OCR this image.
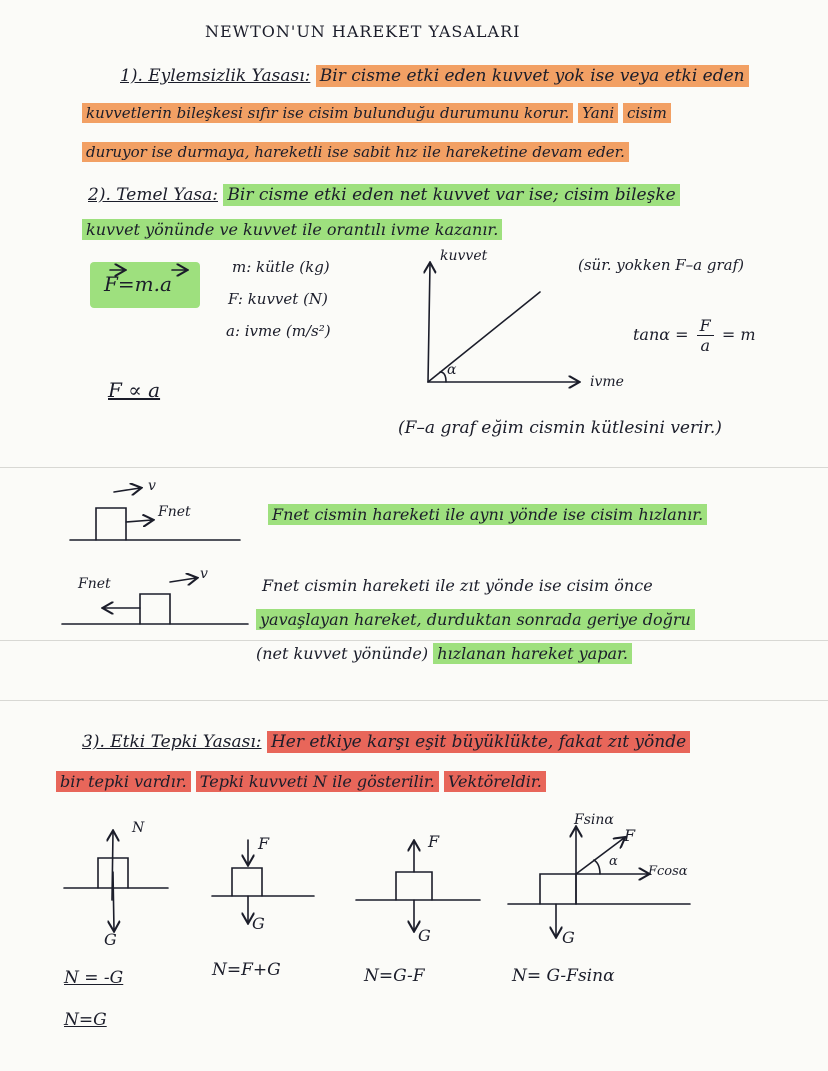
NEWTON'UN HAREKET YASALARI
1). Eylemsizlik Yasası: Bir cisme etki eden kuvvet yok ise veya etki eden
kuvvetlerin bileşkesi sıfır ise cisim bulunduğu durumunu korur. Yani cisim
duruyor ise durmaya, hareketli ise sabit hız ile hareketine devam eder.
2). Temel Yasa: Bir cisme etki eden net kuvvet var ise; cisim bileşke
kuvvet yönünde ve kuvvet ile orantılı ivme kazanır.
F=m.a
m: kütle (kg)
F: kuvvet (N)
a: ivme (m/s²)
F ∝ a
kuvvet
ivme
α
(sür. yokken F–a graf)
$\tan\alpha = \frac{F}{a} = m$
(F–a graf eğim cismin kütlesini verir.)
v
Fnet	Fnet cismin hareketi ile aynı yönde ise cisim hızlanır.
Fnet
v
Fnet cismin hareketi ile zıt yönde ise cisim önce
yavaşlayan hareket, durduktan sonrada geriye doğru
(net kuvvet yönünde) hızlanan hareket yapar.
3). Etki Tepki Yasası: Her etkiye karşı eşit büyüklükte, fakat zıt yönde
bir tepki vardır. Tepki kuvveti N ile gösterilir. Vektöreldir.
N
G
N = -G
N=G
F
G
N=F+G
F
G
N=G-F
Fsinα
F
Fcosα
α
G
N= G-Fsinα
